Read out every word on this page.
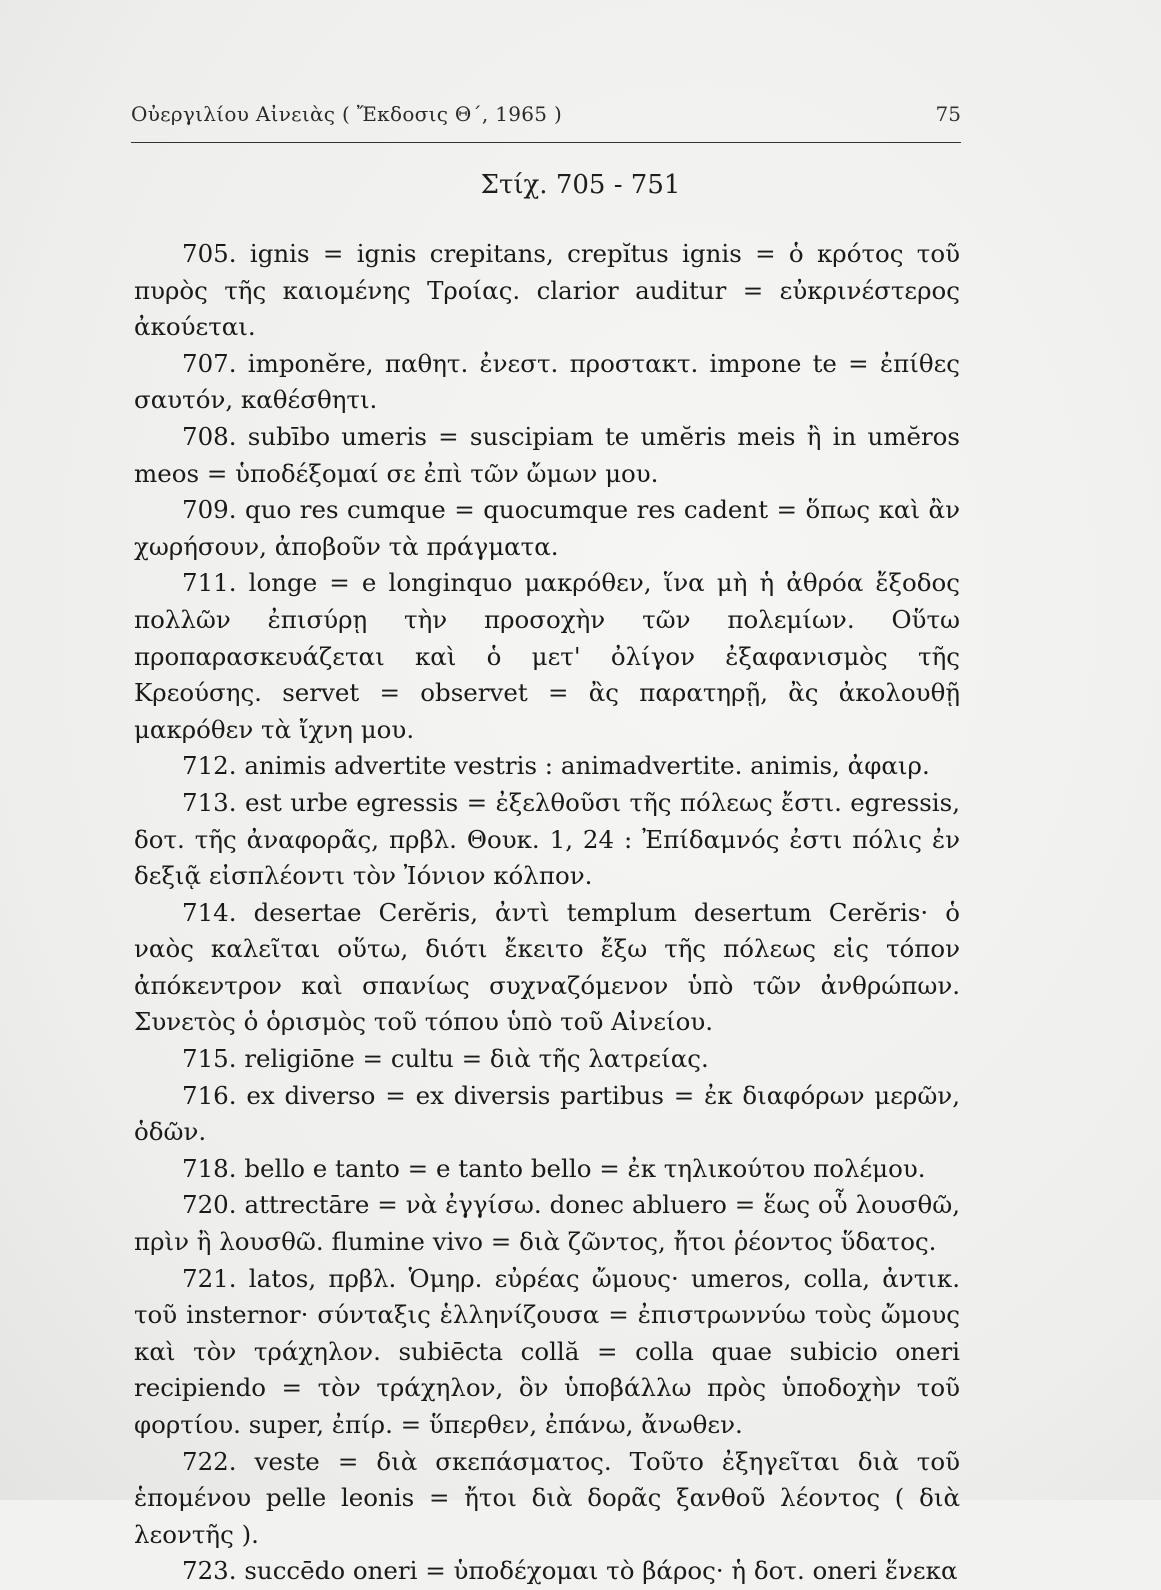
Οὐεργιλίου Αἰνειὰς ( Ἔκδοσις Θ΄, 1965 )	75
Στίχ. 705 - 751

705. ignis = ignis crepitans, crepĭtus ignis = ὁ κρότος τοῦ πυρὸς τῆς καιομένης Τροίας. clarior auditur = εὐκρινέστερος ἀκούεται.

707. imponĕre, παθητ. ἐνεστ. προστακτ. impone te = ἐπίθες σαυτόν, καθέσθητι.

708. subībo umeris = suscipiam te umĕris meis ἢ in umĕros meos = ὑποδέξομαί σε ἐπὶ τῶν ὤμων μου.

709. quo res cumque = quocumque res cadent = ὅπως καὶ ἂν χωρήσουν, ἀποβοῦν τὰ πράγματα.

711. longe = e longinquo μακρόθεν, ἵνα μὴ ἡ ἀθρόα ἔξοδος πολλῶν ἐπισύρῃ τὴν προσοχὴν τῶν πολεμίων. Οὕτω προπαρασκευάζεται καὶ ὁ μετ' ὀλίγον ἐξαφανισμὸς τῆς Κρεούσης. servet = observet = ἂς παρατηρῇ, ἂς ἀκολουθῇ μακρόθεν τὰ ἴχνη μου.

712. animis advertite vestris : animadvertite. animis, ἀφαιρ.

713. est urbe egressis = ἐξελθοῦσι τῆς πόλεως ἔστι. egressis, δοτ. τῆς ἀναφορᾶς, πρβλ. Θουκ. 1, 24 : Ἐπίδαμνός ἐστι πόλις ἐν δεξιᾷ εἰσπλέοντι τὸν Ἰόνιον κόλπον.

714. desertae Cerĕris, ἀντὶ templum desertum Cerĕris· ὁ ναὸς καλεῖται οὕτω, διότι ἔκειτο ἔξω τῆς πόλεως εἰς τόπον ἀπόκεντρον καὶ σπανίως συχναζόμενον ὑπὸ τῶν ἀνθρώπων. Συνετὸς ὁ ὁρισμὸς τοῦ τόπου ὑπὸ τοῦ Αἰνείου.

715. religiōne = cultu = διὰ τῆς λατρείας.

716. ex diverso = ex diversis partibus = ἐκ διαφόρων μερῶν, ὁδῶν.

718. bello e tanto = e tanto bello = ἐκ τηλικούτου πολέμου.

720. attrectāre = νὰ ἐγγίσω. donec abluero = ἕως οὗ λουσθῶ, πρὶν ἢ λουσθῶ. flumine vivo = διὰ ζῶντος, ἤτοι ῥέοντος ὕδατος.

721. latos, πρβλ. Ὁμηρ. εὐρέας ὤμους· umeros, colla, ἀντικ. τοῦ insternor· σύνταξις ἑλληνίζουσα = ἐπιστρωννύω τοὺς ὤμους καὶ τὸν τράχηλον. subiēcta collă = colla quae subicio oneri recipiendo = τὸν τράχηλον, ὃν ὑποβάλλω πρὸς ὑποδοχὴν τοῦ φορτίου. super, ἐπίρ. = ὕπερθεν, ἐπάνω, ἄνωθεν.

722. veste = διὰ σκεπάσματος. Τοῦτο ἐξηγεῖται διὰ τοῦ ἑπομένου pelle leonis = ἤτοι διὰ δορᾶς ξανθοῦ λέοντος ( διὰ λεοντῆς ).

723. succēdo oneri = ὑποδέχομαι τὸ βάρος· ἡ δοτ. oneri ἕνεκα
